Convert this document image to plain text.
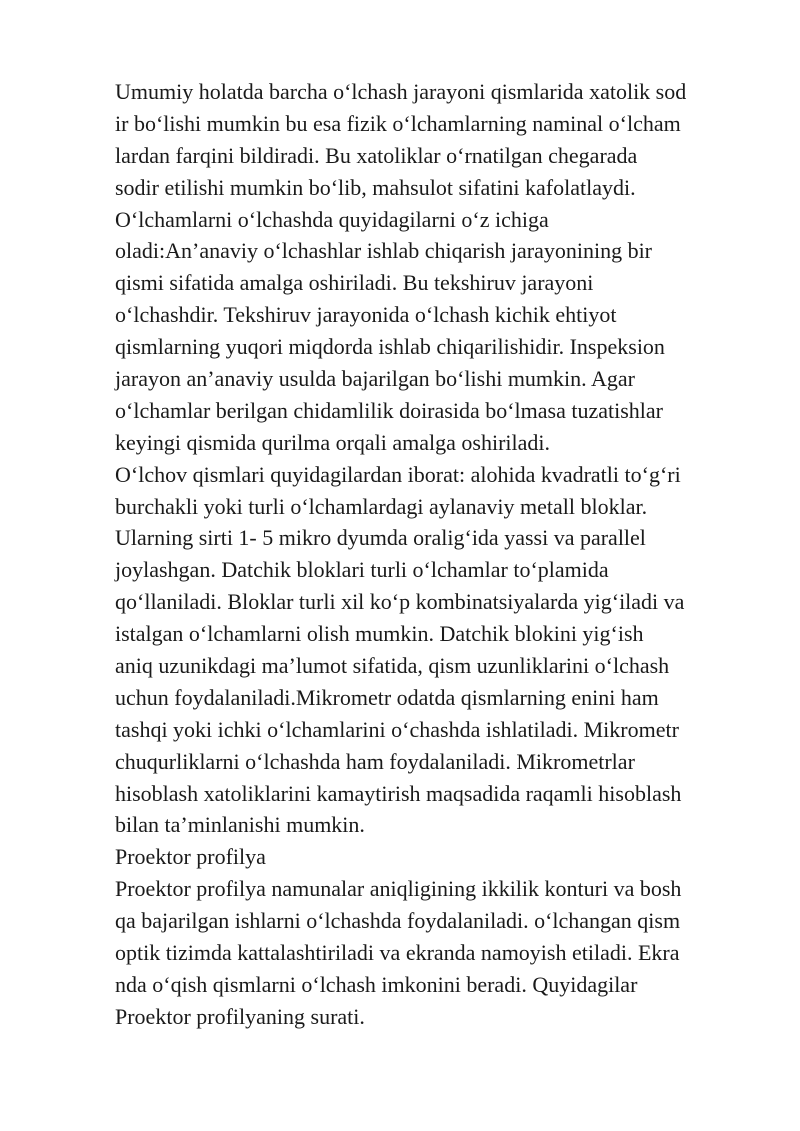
Umumiy holatda barcha oʻlchash jarayoni qismlarida xatolik sod
ir boʻlishi mumkin bu esa fizik oʻlchamlarning naminal oʻlcham
lardan farqini bildiradi. Bu xatoliklar oʻrnatilgan chegarada
sodir etilishi mumkin boʻlib, mahsulot sifatini kafolatlaydi.
Oʻlchamlarni oʻlchashda quyidagilarni oʻz ichiga
oladi:An’anaviy oʻlchashlar ishlab chiqarish jarayonining bir
qismi sifatida amalga oshiriladi. Bu tekshiruv jarayoni
oʻlchashdir. Tekshiruv jarayonida oʻlchash kichik ehtiyot
qismlarning yuqori miqdorda ishlab chiqarilishidir. Inspeksion
jarayon an’anaviy usulda bajarilgan boʻlishi mumkin. Agar
oʻlchamlar berilgan chidamlilik doirasida boʻlmasa tuzatishlar
keyingi qismida qurilma orqali amalga oshiriladi.
Oʻlchov qismlari quyidagilardan iborat: alohida kvadratli toʻgʻri
burchakli yoki turli oʻlchamlardagi aylanaviy metall bloklar.
Ularning sirti 1- 5 mikro dyumda oraligʻida yassi va parallel
joylashgan. Datchik bloklari turli oʻlchamlar toʻplamida
qoʻllaniladi. Bloklar turli xil koʻp kombinatsiyalarda yigʻiladi va
istalgan oʻlchamlarni olish mumkin. Datchik blokini yigʻish
aniq uzunikdagi ma’lumot sifatida, qism uzunliklarini oʻlchash
uchun foydalaniladi.Mikrometr odatda qismlarning enini ham
tashqi yoki ichki oʻlchamlarini oʻchashda ishlatiladi. Mikrometr
chuqurliklarni oʻlchashda ham foydalaniladi. Mikrometrlar
hisoblash xatoliklarini kamaytirish maqsadida raqamli hisoblash
bilan ta’minlanishi mumkin.
Proektor profilya
Proektor profilya namunalar aniqligining ikkilik konturi va bosh
qa bajarilgan ishlarni oʻlchashda foydalaniladi. oʻlchangan qism
optik tizimda kattalashtiriladi va ekranda namoyish etiladi. Ekra
nda oʻqish qismlarni oʻlchash imkonini beradi. Quyidagilar
Proektor profilyaning surati.
